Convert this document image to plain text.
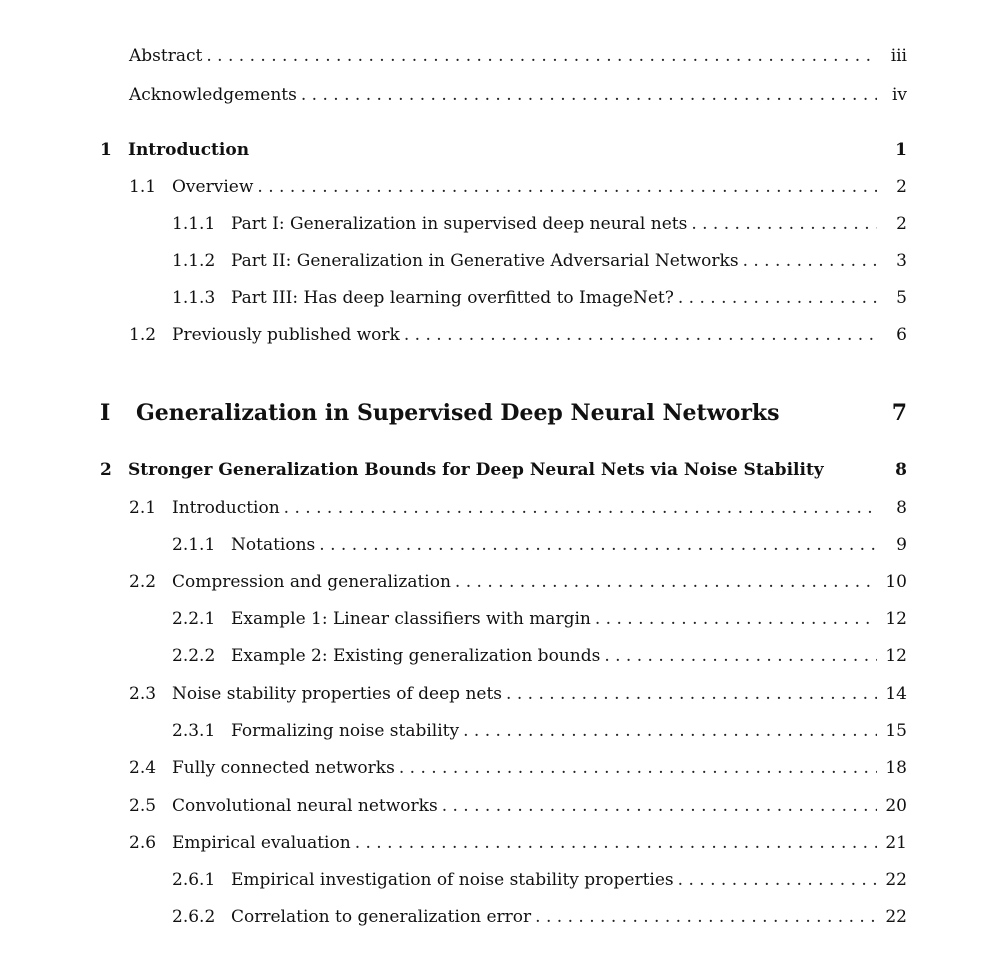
Abstract . . .	iii
Acknowledgements . . .	iv
1 Introduction	1
1.1 Overview . . .	2
1.1.1 Part I: Generalization in supervised deep neural nets . . .	2
1.1.2 Part II: Generalization in Generative Adversarial Networks . . .	3
1.1.3 Part III: Has deep learning overfitted to ImageNet? . . .	5
1.2 Previously published work . . .	6
I	Generalization in Supervised Deep Neural Networks	7
2 Stronger Generalization Bounds for Deep Neural Nets via Noise Stability	8
2.1 Introduction . . .	8
2.1.1 Notations . . .	9
2.2 Compression and generalization . . .	10
2.2.1 Example 1: Linear classifiers with margin . . .	12
2.2.2 Example 2: Existing generalization bounds . . .	12
2.3 Noise stability properties of deep nets . . .	14
2.3.1 Formalizing noise stability . . .	15
2.4 Fully connected networks . . .	18
2.5 Convolutional neural networks . . .	20
2.6 Empirical evaluation . . .	21
2.6.1 Empirical investigation of noise stability properties . . .	22
2.6.2 Correlation to generalization error . . .	22
